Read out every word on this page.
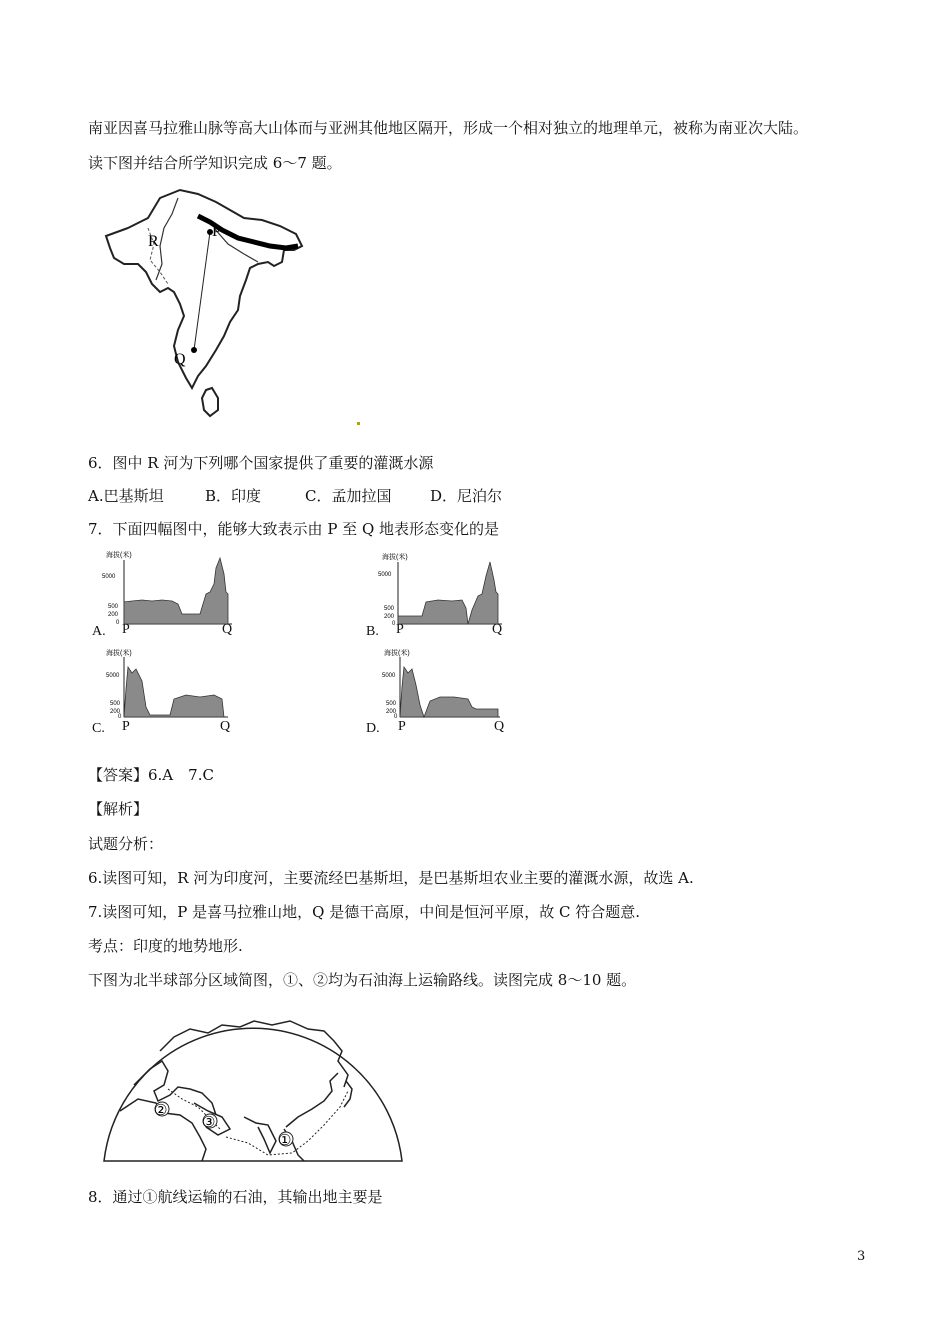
南亚因喜马拉雅山脉等高大山体而与亚洲其他地区隔开，形成一个相对独立的地理单元，被称为南亚次大陆。
读下图并结合所学知识完成 6～7 题。
R
P
Q
6．图中 R 河为下列哪个国家提供了重要的灌溉水源
A.巴基斯坦	B．印度	C．孟加拉国	D．尼泊尔
7．下面四幅图中，能够大致表示由 P 至 Q 地表形态变化的是
海拔(米)
5000
500
200
0
A. P	Q
海拔(米)
5000
500
200
0
B. P	Q
海拔(米)
5000
500
200
0
C. P	Q
海拔(米)
5000
500
200
0
D. P	Q
【答案】6.A　7.C
【解析】
试题分析：
6.读图可知，R 河为印度河，主要流经巴基斯坦，是巴基斯坦农业主要的灌溉水源，故选 A.
7.读图可知，P 是喜马拉雅山地，Q 是德干高原，中间是恒河平原，故 C 符合题意.
考点：印度的地势地形.
下图为北半球部分区域简图，①、②均为石油海上运输路线。读图完成 8～10 题。
②
③
①
8．通过①航线运输的石油，其输出地主要是
3
